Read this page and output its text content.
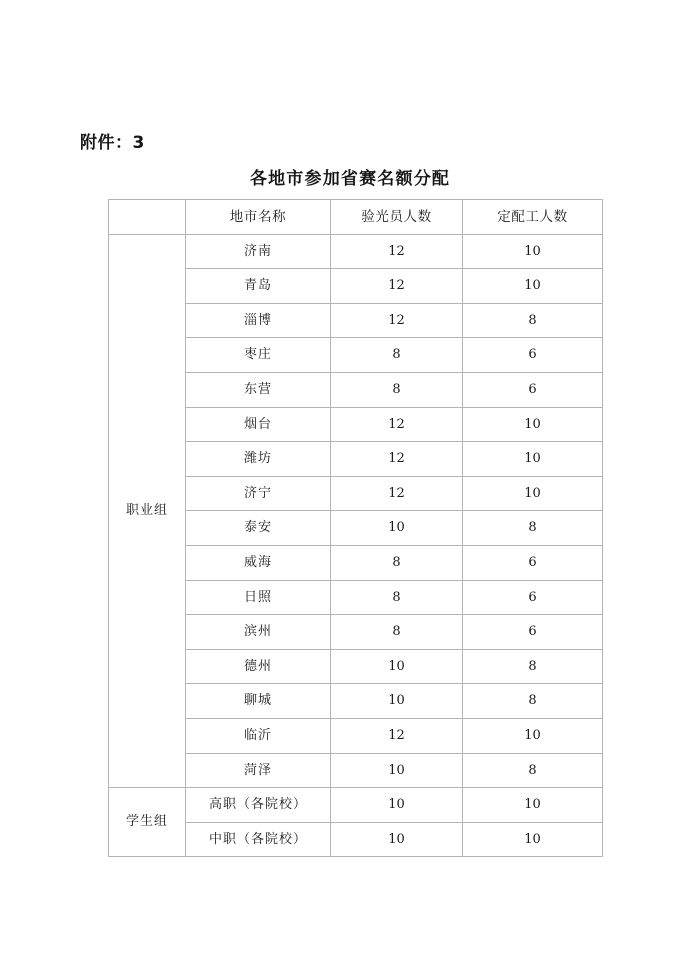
附件：3
各地市参加省赛名额分配
	地市名称	验光员人数	定配工人数
职业组	济南	12	10
	青岛	12	10
	淄博	12	8
	枣庄	8	6
	东营	8	6
	烟台	12	10
	潍坊	12	10
	济宁	12	10
	泰安	10	8
	威海	8	6
	日照	8	6
	滨州	8	6
	德州	10	8
	聊城	10	8
	临沂	12	10
	菏泽	10	8
学生组	高职（各院校）	10	10
	中职（各院校）	10	10
